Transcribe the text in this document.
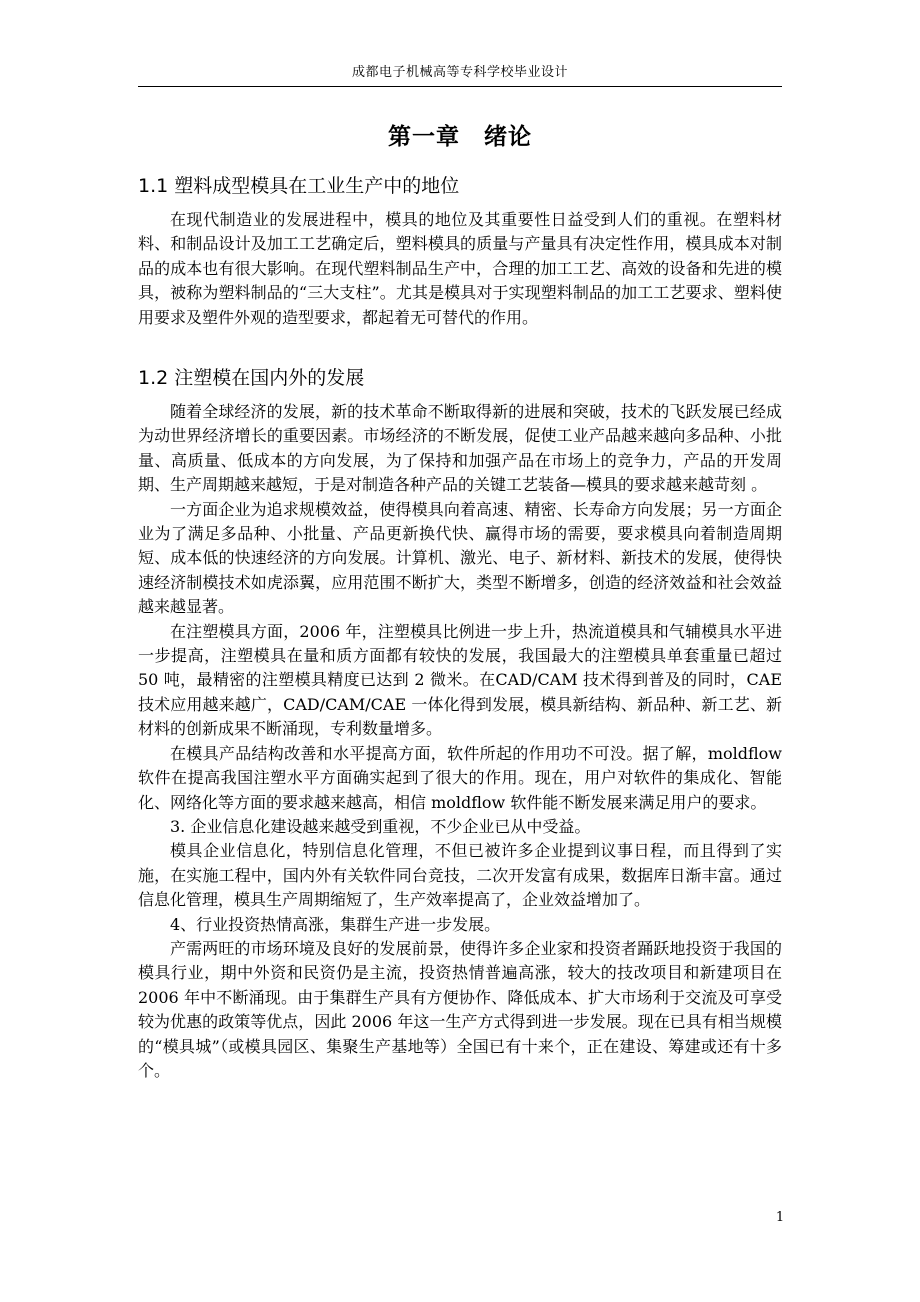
成都电子机械高等专科学校毕业设计
第一章　绪论
1.1 塑料成型模具在工业生产中的地位

在现代制造业的发展进程中，模具的地位及其重要性日益受到人们的重视。在塑料材料、和制品设计及加工工艺确定后，塑料模具的质量与产量具有决定性作用，模具成本对制品的成本也有很大影响。在现代塑料制品生产中，合理的加工工艺、高效的设备和先进的模具，被称为塑料制品的“三大支柱”。尤其是模具对于实现塑料制品的加工工艺要求、塑料使用要求及塑件外观的造型要求，都起着无可替代的作用。

1.2 注塑模在国内外的发展

随着全球经济的发展，新的技术革命不断取得新的进展和突破，技术的飞跃发展已经成为动世界经济增长的重要因素。市场经济的不断发展，促使工业产品越来越向多品种、小批量、高质量、低成本的方向发展，为了保持和加强产品在市场上的竞争力，产品的开发周期、生产周期越来越短，于是对制造各种产品的关键工艺装备—模具的要求越来越苛刻 。

一方面企业为追求规模效益，使得模具向着高速、精密、长寿命方向发展；另一方面企业为了满足多品种、小批量、产品更新换代快、赢得市场的需要，要求模具向着制造周期短、成本低的快速经济的方向发展。计算机、激光、电子、新材料、新技术的发展，使得快速经济制模技术如虎添翼，应用范围不断扩大，类型不断增多，创造的经济效益和社会效益越来越显著。

在注塑模具方面，2006 年，注塑模具比例进一步上升，热流道模具和气辅模具水平进一步提高，注塑模具在量和质方面都有较快的发展，我国最大的注塑模具单套重量已超过 50 吨，最精密的注塑模具精度已达到 2 微米。在CAD/CAM 技术得到普及的同时，CAE 技术应用越来越广，CAD/CAM/CAE 一体化得到发展，模具新结构、新品种、新工艺、新材料的创新成果不断涌现，专利数量增多。

在模具产品结构改善和水平提高方面，软件所起的作用功不可没。据了解，moldflow 软件在提高我国注塑水平方面确实起到了很大的作用。现在，用户对软件的集成化、智能化、网络化等方面的要求越来越高，相信 moldflow 软件能不断发展来满足用户的要求。

3. 企业信息化建设越来越受到重视，不少企业已从中受益。

模具企业信息化，特别信息化管理，不但已被许多企业提到议事日程，而且得到了实施，在实施工程中，国内外有关软件同台竞技，二次开发富有成果，数据库日渐丰富。通过信息化管理，模具生产周期缩短了，生产效率提高了，企业效益增加了。

4、行业投资热情高涨，集群生产进一步发展。

产需两旺的市场环境及良好的发展前景，使得许多企业家和投资者踊跃地投资于我国的模具行业，期中外资和民资仍是主流，投资热情普遍高涨，较大的技改项目和新建项目在 2006 年中不断涌现。由于集群生产具有方便协作、降低成本、扩大市场利于交流及可享受较为优惠的政策等优点，因此 2006 年这一生产方式得到进一步发展。现在已具有相当规模的“模具城”（或模具园区、集聚生产基地等）全国已有十来个，正在建设、筹建或还有十多个。

1
